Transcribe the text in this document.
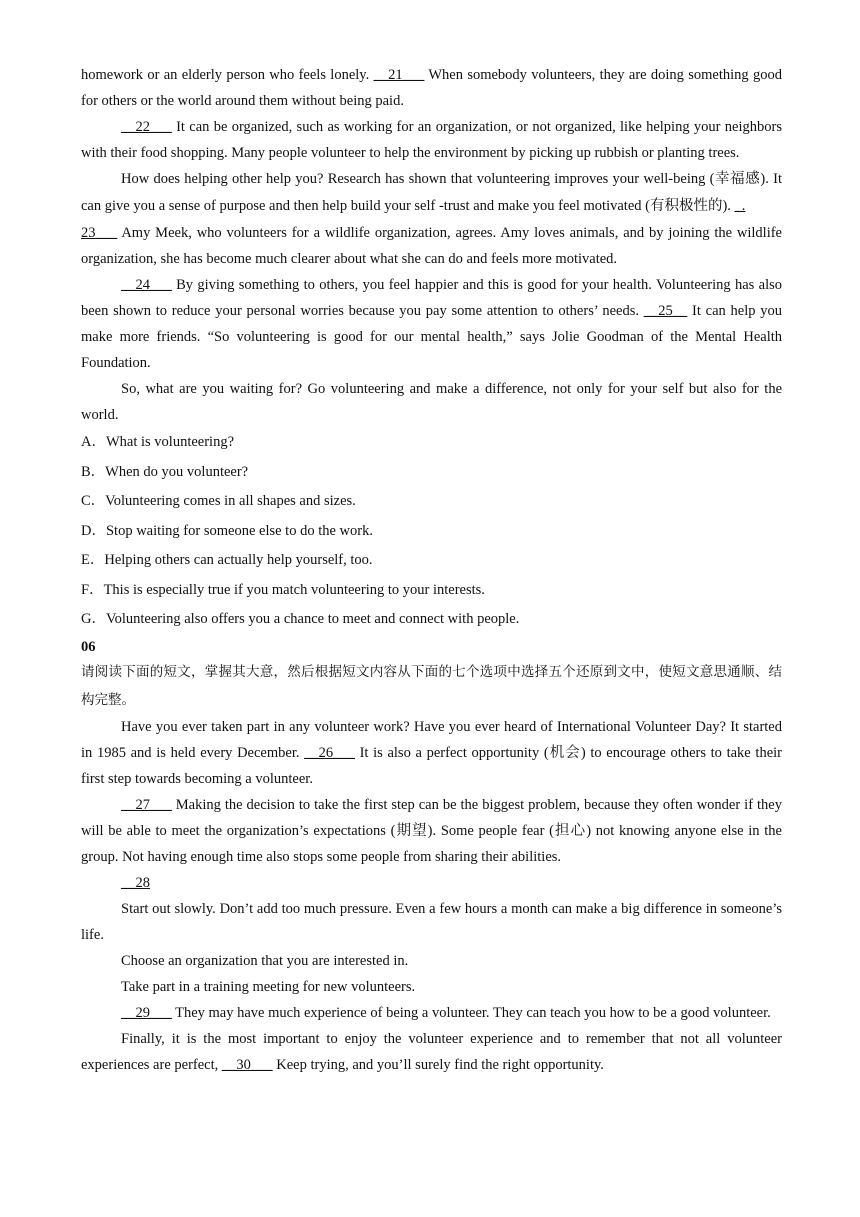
homework or an elderly person who feels lonely. __21___ When somebody volunteers, they are doing something good for others or the world around them without being paid.

__22___ It can be organized, such as working for an organization, or not organized, like helping your neighbors with their food shopping. Many people volunteer to help the environment by picking up rubbish or planting trees.

How does helping other help you? Research has shown that volunteering improves your well-being (幸福感). It can give you a sense of purpose and then help build your self -trust and make you feel motivated (有积极性的). _.

23___ Amy Meek, who volunteers for a wildlife organization, agrees. Amy loves animals, and by joining the wildlife organization, she has become much clearer about what she can do and feels more motivated.

__24___ By giving something to others, you feel happier and this is good for your health. Volunteering has also been shown to reduce your personal worries because you pay some attention to others’ needs. __25__ It can help you make more friends. “So volunteering is good for our mental health,” says Jolie Goodman of the Mental Health Foundation.

So, what are you waiting for? Go volunteering and make a difference, not only for your self but also for the world.

A．What is volunteering?

B．When do you volunteer?

C．Volunteering comes in all shapes and sizes.

D．Stop waiting for someone else to do the work.

E．Helping others can actually help yourself, too.

F．This is especially true if you match volunteering to your interests.

G．Volunteering also offers you a chance to meet and connect with people.

06

请阅读下面的短文，掌握其大意，然后根据短文内容从下面的七个选项中选择五个还原到文中，使短文意思通顺、结构完整。

Have you ever taken part in any volunteer work? Have you ever heard of International Volunteer Day? It started in 1985 and is held every December. __26___ It is also a perfect opportunity (机会) to encourage others to take their first step towards becoming a volunteer.

__27___ Making the decision to take the first step can be the biggest problem, because they often wonder if they will be able to meet the organization’s expectations (期望). Some people fear (担心) not knowing anyone else in the group. Not having enough time also stops some people from sharing their abilities.

__28

Start out slowly. Don’t add too much pressure. Even a few hours a month can make a big difference in someone’s life.

Choose an organization that you are interested in.

Take part in a training meeting for new volunteers.

__29___ They may have much experience of being a volunteer. They can teach you how to be a good volunteer.

Finally, it is the most important to enjoy the volunteer experience and to remember that not all volunteer experiences are perfect, __30___ Keep trying, and you’ll surely find the right opportunity.
